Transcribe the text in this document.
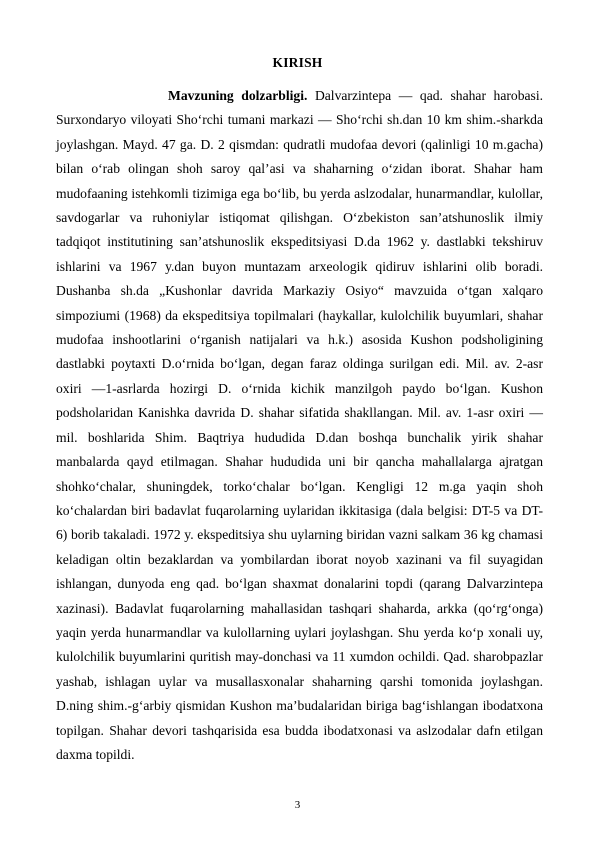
KIRISH

Mavzuning dolzarbligi. Dalvarzintepa — qad. shahar harobasi. Surxondaryo viloyati Sho‘rchi tumani markazi — Sho‘rchi sh.dan 10 km shim.-sharkda joylashgan. Mayd. 47 ga. D. 2 qismdan: qudratli mudofaa devori (qalinligi 10 m.gacha) bilan o‘rab olingan shoh saroy qal’asi va shaharning o‘zidan iborat. Shahar ham mudofaaning istehkomli tizimiga ega bo‘lib, bu yerda aslzodalar, hunarmandlar, kulollar, savdogarlar va ruhoniylar istiqomat qilishgan. O‘zbekiston san’atshunoslik ilmiy tadqiqot institutining san’atshunoslik ekspeditsiyasi D.da 1962 y. dastlabki tekshiruv ishlarini va 1967 y.dan buyon muntazam arxeologik qidiruv ishlarini olib boradi. Dushanba sh.da „Kushonlar davrida Markaziy Osiyo“ mavzuida o‘tgan xalqaro simpoziumi (1968) da ekspeditsiya topilmalari (haykallar, kulolchilik buyumlari, shahar mudofaa inshootlarini o‘rganish natijalari va h.k.) asosida Kushon podsholigining dastlabki poytaxti D.o‘rnida bo‘lgan, degan faraz oldinga surilgan edi. Mil. av. 2-asr oxiri —1-asrlarda hozirgi D. o‘rnida kichik manzilgoh paydo bo‘lgan. Kushon podsholaridan Kanishka davrida D. shahar sifatida shakllangan. Mil. av. 1-asr oxiri — mil. boshlarida Shim. Baqtriya hududida D.dan boshqa bunchalik yirik shahar manbalarda qayd etilmagan. Shahar hududida uni bir qancha mahallalarga ajratgan shohko‘chalar, shuningdek, torko‘chalar bo‘lgan. Kengligi 12 m.ga yaqin shoh ko‘chalardan biri badavlat fuqarolarning uylaridan ikkitasiga (dala belgisi: DT-5 va DT-6) borib takaladi. 1972 y. ekspeditsiya shu uylarning biridan vazni salkam 36 kg chamasi keladigan oltin bezaklardan va yombilardan iborat noyob xazinani va fil suyagidan ishlangan, dunyoda eng qad. bo‘lgan shaxmat donalarini topdi (qarang Dalvarzintepa xazinasi). Badavlat fuqarolarning mahallasidan tashqari shaharda, arkka (qo‘rg‘onga) yaqin yerda hunarmandlar va kulollarning uylari joylashgan. Shu yerda ko‘p xonali uy, kulolchilik buyumlarini quritish may-donchasi va 11 xumdon ochildi. Qad. sharobpazlar yashab, ishlagan uylar va musallasxonalar shaharning qarshi tomonida joylashgan. D.ning shim.-g‘arbiy qismidan Kushon ma’budalaridan biriga bag‘ishlangan ibodatxona topilgan. Shahar devori tashqarisida esa budda ibodatxonasi va aslzodalar dafn etilgan daxma topildi.

3
